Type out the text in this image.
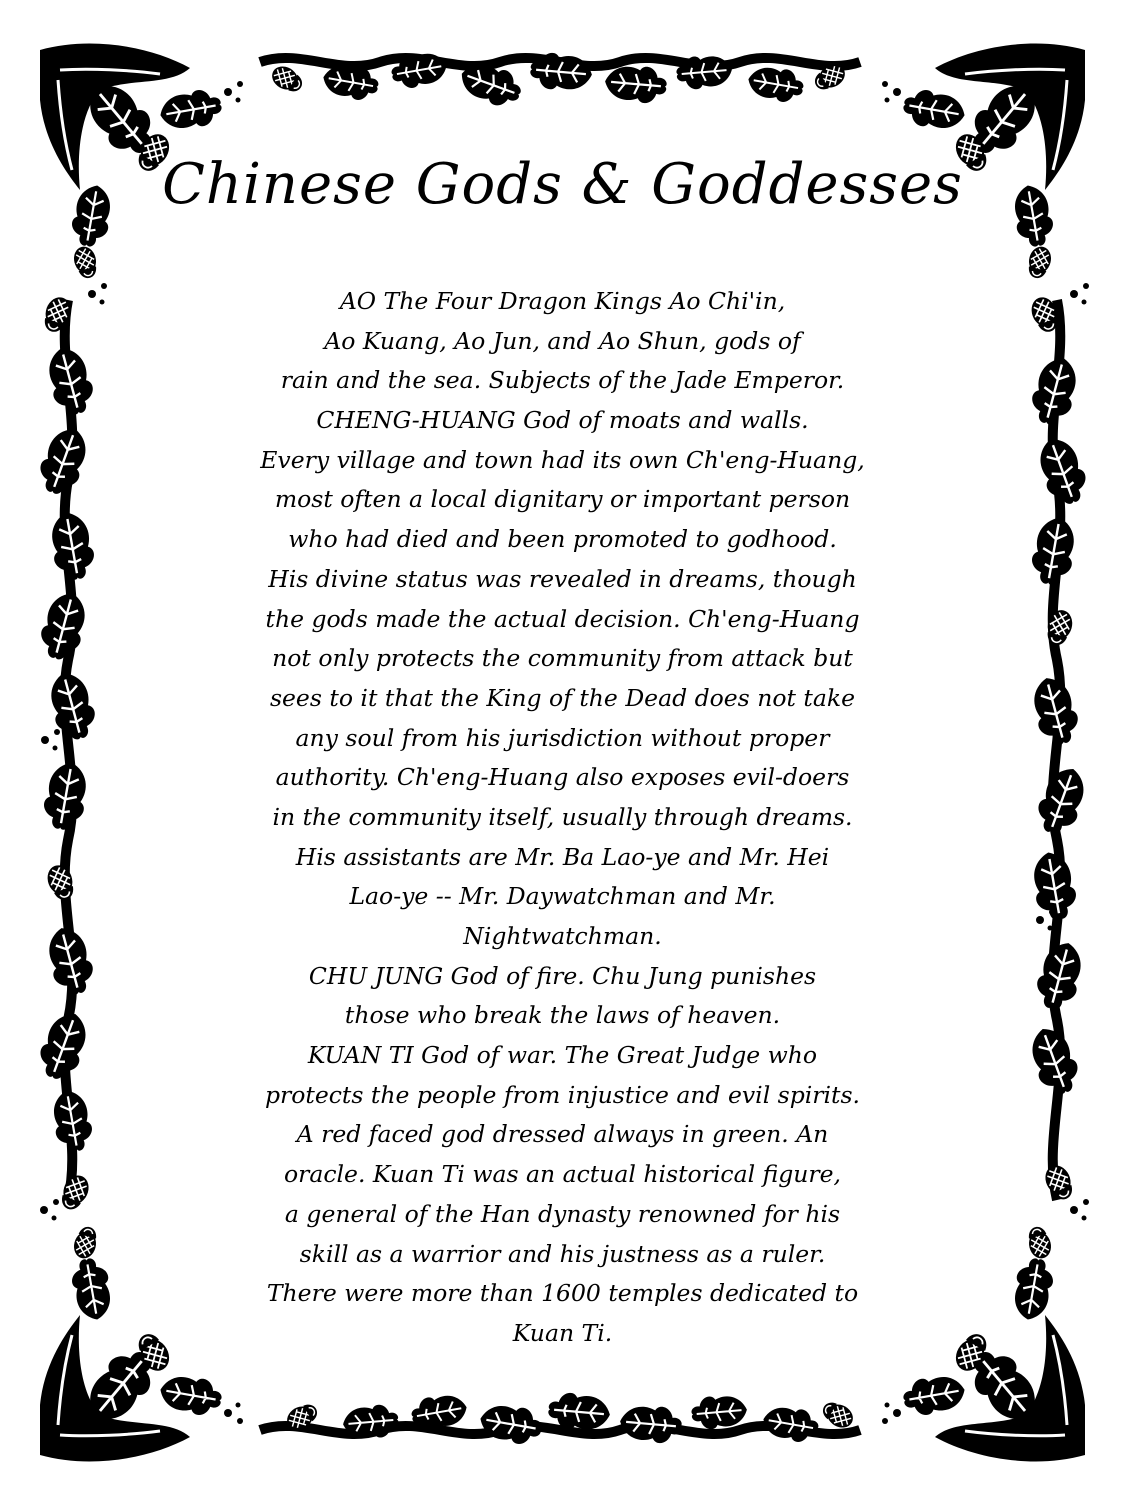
Chinese Gods & Goddesses
AO The Four Dragon Kings Ao Chi'in,
Ao Kuang, Ao Jun, and Ao Shun, gods of
rain and the sea. Subjects of the Jade Emperor.
CHENG-HUANG God of moats and walls.
Every village and town had its own Ch'eng-Huang,
most often a local dignitary or important person
who had died and been promoted to godhood.
His divine status was revealed in dreams, though
the gods made the actual decision. Ch'eng-Huang
not only protects the community from attack but
sees to it that the King of the Dead does not take
any soul from his jurisdiction without proper
authority. Ch'eng-Huang also exposes evil-doers
in the community itself, usually through dreams.
His assistants are Mr. Ba Lao-ye and Mr. Hei
Lao-ye -- Mr. Daywatchman and Mr.
Nightwatchman.
CHU JUNG God of fire. Chu Jung punishes
those who break the laws of heaven.
KUAN TI God of war. The Great Judge who
protects the people from injustice and evil spirits.
A red faced god dressed always in green. An
oracle. Kuan Ti was an actual historical figure,
a general of the Han dynasty renowned for his
skill as a warrior and his justness as a ruler.
There were more than 1600 temples dedicated to
Kuan Ti.
